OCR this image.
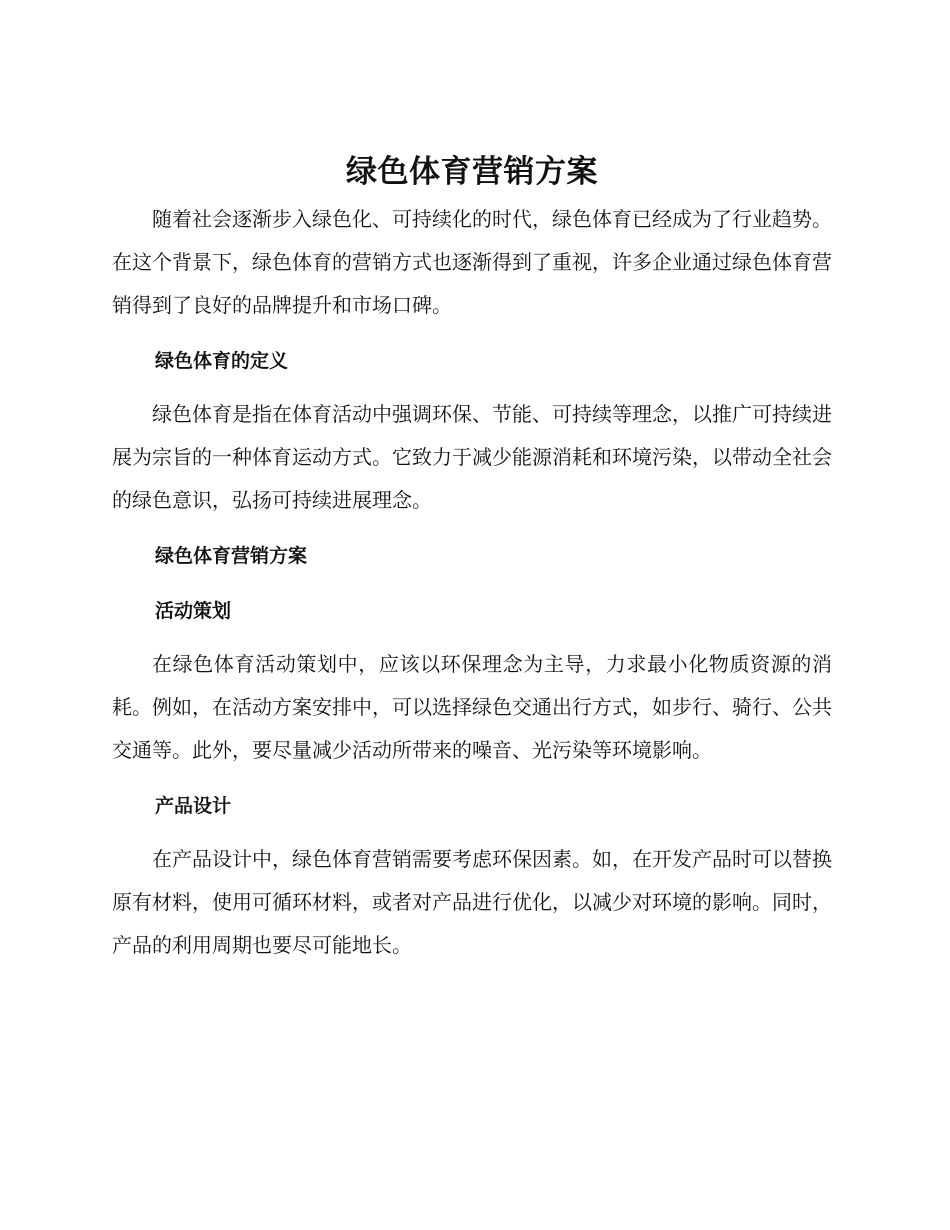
绿色体育营销方案

随着社会逐渐步入绿色化、可持续化的时代，绿色体育已经成为了行业趋势。在这个背景下，绿色体育的营销方式也逐渐得到了重视，许多企业通过绿色体育营销得到了良好的品牌提升和市场口碑。

绿色体育的定义

绿色体育是指在体育活动中强调环保、节能、可持续等理念，以推广可持续进展为宗旨的一种体育运动方式。它致力于减少能源消耗和环境污染，以带动全社会的绿色意识，弘扬可持续进展理念。

绿色体育营销方案
活动策划

在绿色体育活动策划中，应该以环保理念为主导，力求最小化物质资源的消耗。例如，在活动方案安排中，可以选择绿色交通出行方式，如步行、骑行、公共交通等。此外，要尽量减少活动所带来的噪音、光污染等环境影响。

产品设计

在产品设计中，绿色体育营销需要考虑环保因素。如，在开发产品时可以替换原有材料，使用可循环材料，或者对产品进行优化，以减少对环境的影响。同时，产品的利用周期也要尽可能地长。
